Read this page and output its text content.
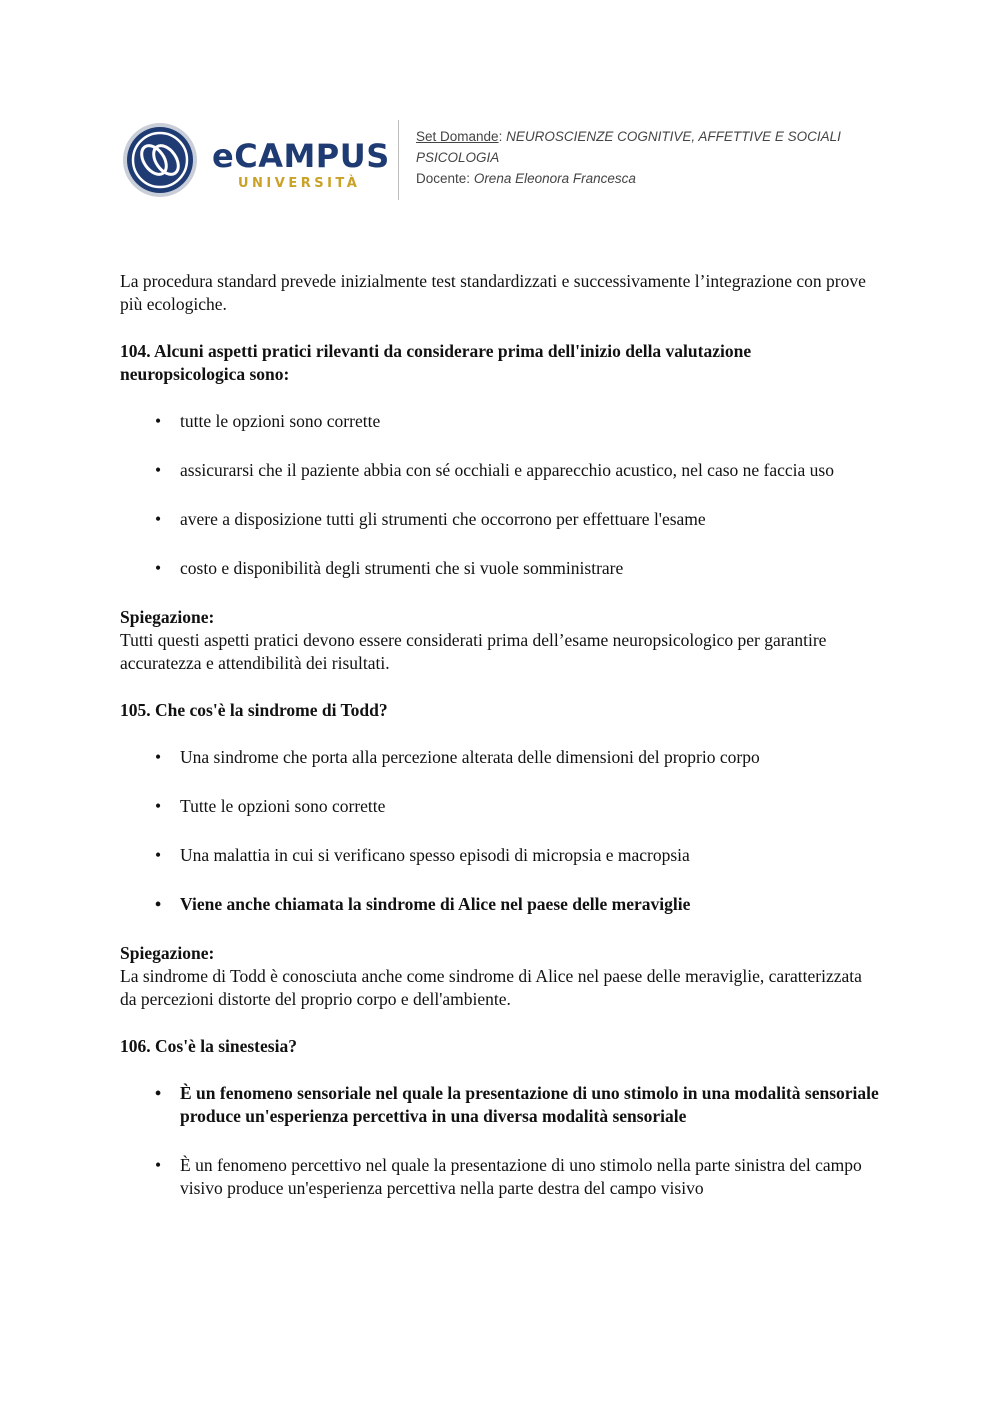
eCAMPUS
UNIVERSITÀ
Set Domande: NEUROSCIENZE COGNITIVE, AFFETTIVE E SOCIALI
PSICOLOGIA
Docente: Orena Eleonora Francesca

La procedura standard prevede inizialmente test standardizzati e successivamente l’integrazione con prove più ecologiche.

104. Alcuni aspetti pratici rilevanti da considerare prima dell'inizio della valutazione neuropsicologica sono:

• tutte le opzioni sono corrette
• assicurarsi che il paziente abbia con sé occhiali e apparecchio acustico, nel caso ne faccia uso
• avere a disposizione tutti gli strumenti che occorrono per effettuare l'esame
• costo e disponibilità degli strumenti che si vuole somministrare

Spiegazione:

Tutti questi aspetti pratici devono essere considerati prima dell’esame neuropsicologico per garantire accuratezza e attendibilità dei risultati.

105. Che cos'è la sindrome di Todd?

• Una sindrome che porta alla percezione alterata delle dimensioni del proprio corpo
• Tutte le opzioni sono corrette
• Una malattia in cui si verificano spesso episodi di micropsia e macropsia
• Viene anche chiamata la sindrome di Alice nel paese delle meraviglie

Spiegazione:

La sindrome di Todd è conosciuta anche come sindrome di Alice nel paese delle meraviglie, caratterizzata da percezioni distorte del proprio corpo e dell'ambiente.

106. Cos'è la sinestesia?

• È un fenomeno sensoriale nel quale la presentazione di uno stimolo in una modalità sensoriale produce un'esperienza percettiva in una diversa modalità sensoriale
• È un fenomeno percettivo nel quale la presentazione di uno stimolo nella parte sinistra del campo visivo produce un'esperienza percettiva nella parte destra del campo visivo
